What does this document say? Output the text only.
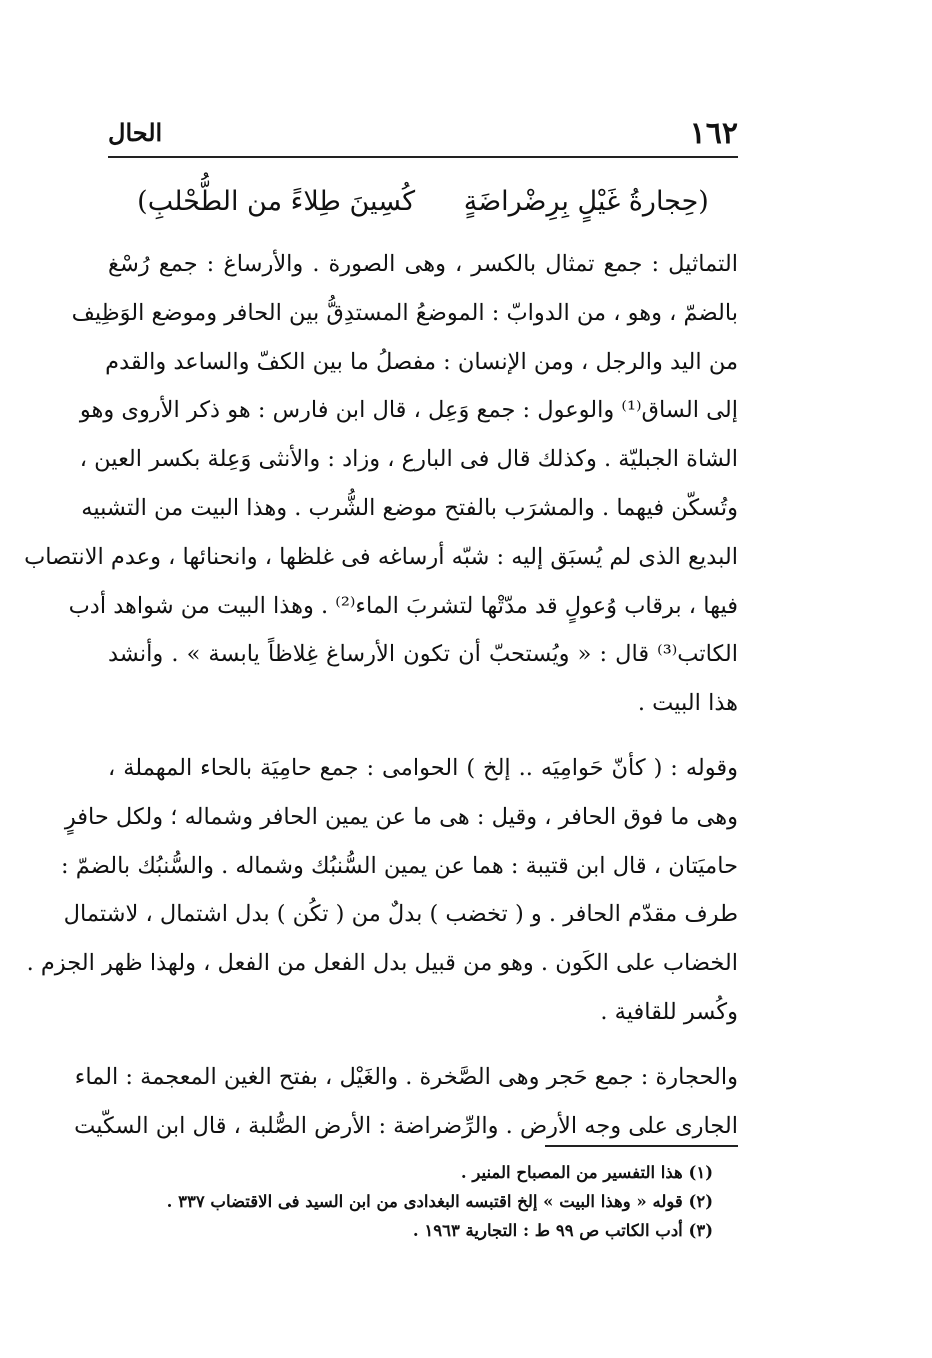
١٦٢
الحال
(حِجارةُ غَيْلٍ بِرِضْراضَةٍ كُسِينَ طِلاءً من الطُّحْلبِ)
التماثيل : جمع تمثال بالكسر ، وهى الصورة . والأرساغ : جمع رُسْغ
بالضمّ ، وهو ، من الدوابّ : الموضعُ المستدِقُّ بين الحافر وموضع الوَظِيف
من اليد والرجل ، ومن الإنسان : مفصلُ ما بين الكفّ والساعد والقدم
إلى الساق⁽¹⁾ والوعول : جمع وَعِل ، قال ابن فارس : هو ذكر الأروى وهو
الشاة الجبليّة . وكذلك قال فى البارع ، وزاد : والأنثى وَعِلة بكسر العين ،
وتُسكّن فيهما . والمشرَب بالفتح موضع الشُّرب . وهذا البيت من التشبيه
البديع الذى لم يُسبَق إليه : شبّه أرساغه فى غلظها ، وانحنائها ، وعدم الانتصاب
فيها ، برقاب وُعولٍ قد مدّتْها لتشربَ الماء⁽²⁾ . وهذا البيت من شواهد أدب
الكاتب⁽³⁾ قال : « ويُستحبّ أن تكون الأرساغ غِلاظاً يابسة » . وأنشد
هذا البيت .
وقوله : ( كأنّ حَوامِيَه .. إلخ ) الحوامى : جمع حامِيَة بالحاء المهملة ،
وهى ما فوق الحافر ، وقيل : هى ما عن يمين الحافر وشماله ؛ ولكل حافرٍ
حاميَتان ، قال ابن قتيبة : هما عن يمين السُّنبُك وشماله . والسُّنبُك بالضمّ :
طرف مقدّم الحافر . و ( تخضب ) بدلٌ من ( تكُن ) بدل اشتمال ، لاشتمال
الخضاب على الكَون . وهو من قبيل بدل الفعل من الفعل ، ولهذا ظهر الجزم .
وكُسر للقافية .
والحجارة : جمع حَجر وهى الصَّخرة . والغَيْل ، بفتح الغين المعجمة : الماء
الجارى على وجه الأرض . والرِّضراضة : الأرض الصُّلبة ، قال ابن السكّيت
(١) هذا التفسير من المصباح المنير .
(٢) قوله « وهذا البيت » إلخ اقتبسه البغدادى من ابن السيد فى الاقتضاب ٣٣٧ .
(٣) أدب الكاتب ص ٩٩ ط : التجارية ١٩٦٣ .
